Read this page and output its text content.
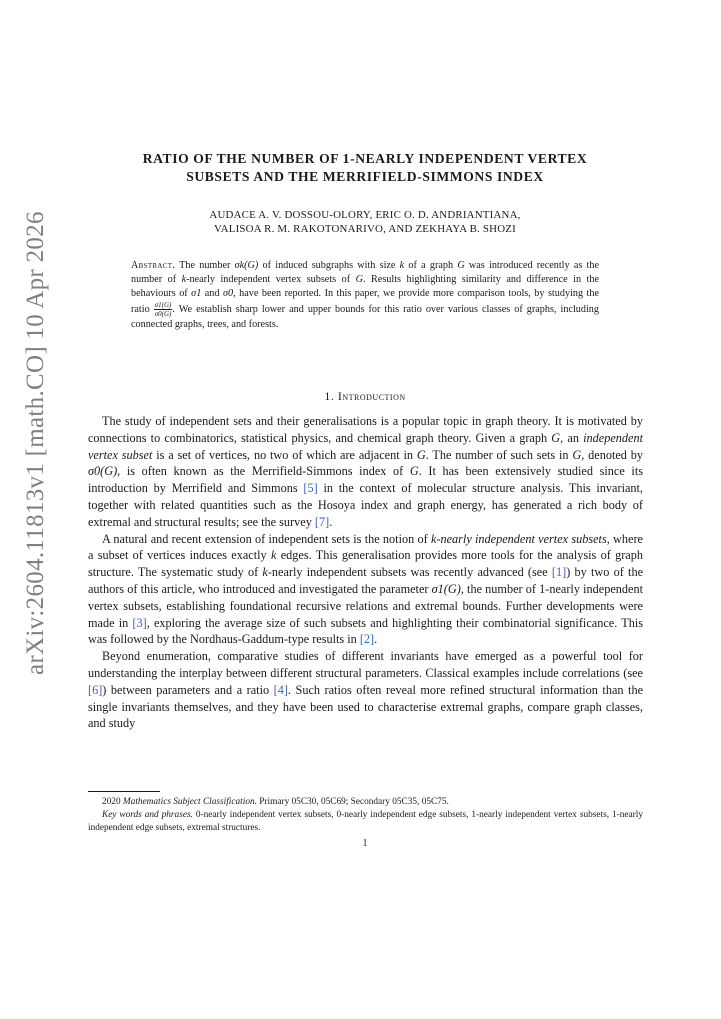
arXiv:2604.11813v1 [math.CO] 10 Apr 2026
RATIO OF THE NUMBER OF 1-NEARLY INDEPENDENT VERTEX
SUBSETS AND THE MERRIFIELD-SIMMONS INDEX
AUDACE A. V. DOSSOU-OLORY, ERIC O. D. ANDRIANTIANA,
VALISOA R. M. RAKOTONARIVO, AND ZEKHAYA B. SHOZI
Abstract. The number σk(G) of induced subgraphs with size k of a graph G was introduced recently as the number of k-nearly independent vertex subsets of G. Results highlighting similarity and difference in the behaviours of σ1 and σ0, have been reported. In this paper, we provide more comparison tools, by studying the ratio $\frac{\sigma 1(G)}{\sigma 0(G)}$ . We establish sharp lower and upper bounds for this ratio over various classes of graphs, including connected graphs, trees, and forests.
1. Introduction

The study of independent sets and their generalisations is a popular topic in graph theory. It is motivated by connections to combinatorics, statistical physics, and chemical graph theory. Given a graph G, an independent vertex subset is a set of vertices, no two of which are adjacent in G. The number of such sets in G, denoted by σ0(G), is often known as the Merrifield-Simmons index of G. It has been extensively studied since its introduction by Merrifield and Simmons [5] in the context of molecular structure analysis. This invariant, together with related quantities such as the Hosoya index and graph energy, has generated a rich body of extremal and structural results; see the survey [7].

A natural and recent extension of independent sets is the notion of k-nearly independent vertex subsets, where a subset of vertices induces exactly k edges. This generalisation provides more tools for the analysis of graph structure. The systematic study of k-nearly independent subsets was recently advanced (see [1]) by two of the authors of this article, who introduced and investigated the parameter σ1(G), the number of 1-nearly independent vertex subsets, establishing foundational recursive relations and extremal bounds. Further developments were made in [3], exploring the average size of such subsets and highlighting their combinatorial significance. This was followed by the Nordhaus-Gaddum-type results in [2].

Beyond enumeration, comparative studies of different invariants have emerged as a powerful tool for understanding the interplay between different structural parameters. Classical examples include correlations (see [6]) between parameters and a ratio [4]. Such ratios often reveal more refined structural information than the single invariants themselves, and they have been used to characterise extremal graphs, compare graph classes, and study

2020 Mathematics Subject Classification. Primary 05C30, 05C69; Secondary 05C35, 05C75.

Key words and phrases. 0-nearly independent vertex subsets, 0-nearly independent edge subsets, 1-nearly independent vertex subsets, 1-nearly independent edge subsets, extremal structures.

1
